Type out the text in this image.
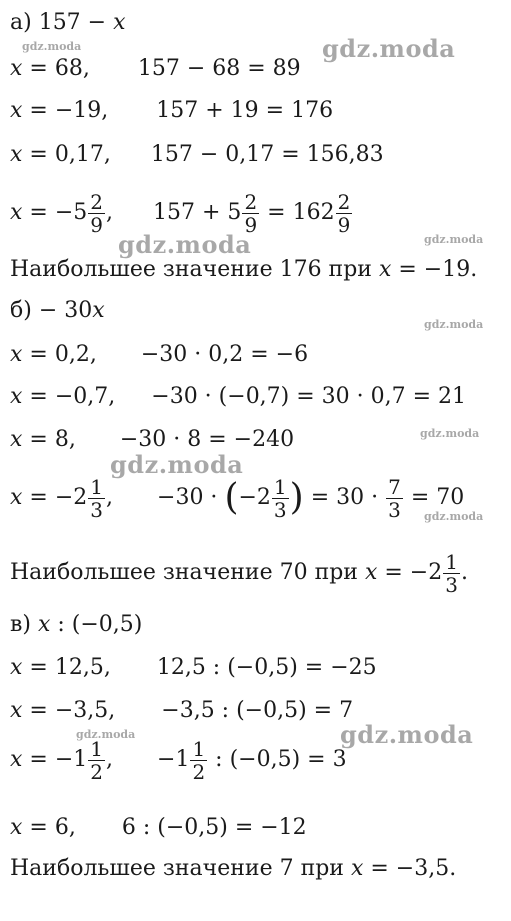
а) 157 − x
x = 68, 157 − 68 = 89
x = −19, 157 + 19 = 176
x = 0,17, 157 − 0,17 = 156,83
$x = -5 \frac{2}{9}$ , $157 + 5 \frac{2}{9} = 162 \frac{2}{9}$
Наибольшее значение 176 при x = −19.
б) − 30x
x = 0,2, −30 · 0,2 = −6
x = −0,7, −30 · (−0,7) = 30 · 0,7 = 21
x = 8, −30 · 8 = −240
$x = -2 \frac{1}{3}$ , $-30 \cdot (-2 \frac{1}{3}$ ) = $30 \cdot \frac{7}{3} = 70$
Наибольшее значение 70 при $x = -2 \frac{1}{3}$ .
в) x : (−0,5)
x = 12,5, 12,5 : (−0,5) = −25
x = −3,5, −3,5 : (−0,5) = 7
$x = -1 \frac{1}{2}$ , $-1 \frac{1}{2}$ : (−0,5) = 3
x = 6, 6 : (−0,5) = −12
Наибольшее значение 7 при x = −3,5.
gdz.moda	gdz.moda
gdz.moda	gdz.moda
gdz.moda
gdz.moda
gdz.moda
gdz.moda
gdz.moda	gdz.moda
